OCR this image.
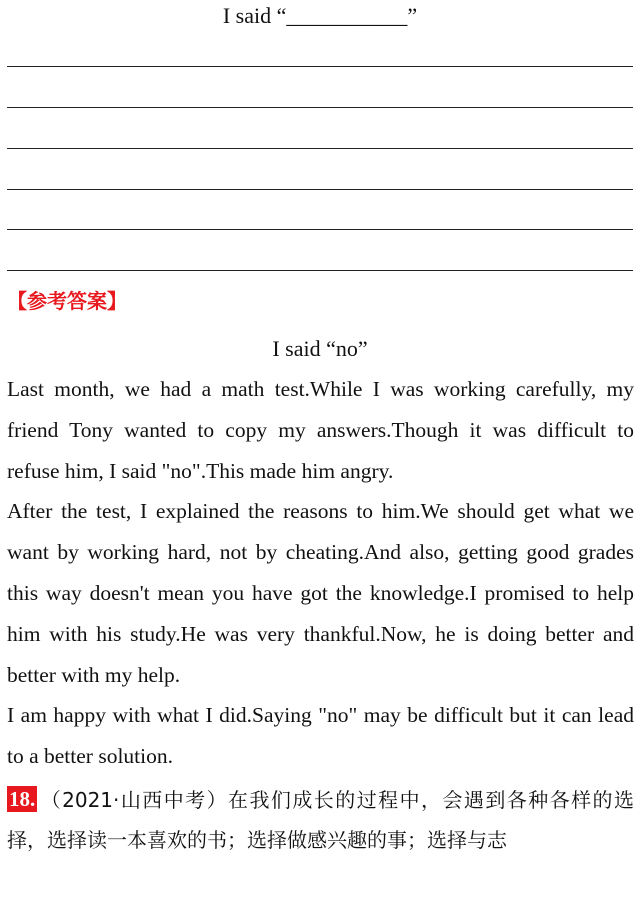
I said “___________”
【参考答案】
I said “no”

Last month, we had a math test.While I was working carefully, my friend Tony wanted to copy my answers.Though it was difficult to refuse him, I said "no".This made him angry.

After the test, I explained the reasons to him.We should get what we want by working hard, not by cheating.And also, getting good grades this way doesn't mean you have got the knowledge.I promised to help him with his study.He was very thankful.Now, he is doing better and better with my help.

I am happy with what I did.Saying "no" may be difficult but it can lead to a better solution.

18. （2021·山西中考）在我们成长的过程中，会遇到各种各样的选择，选择读一本喜欢的书；选择做感兴趣的事；选择与志
